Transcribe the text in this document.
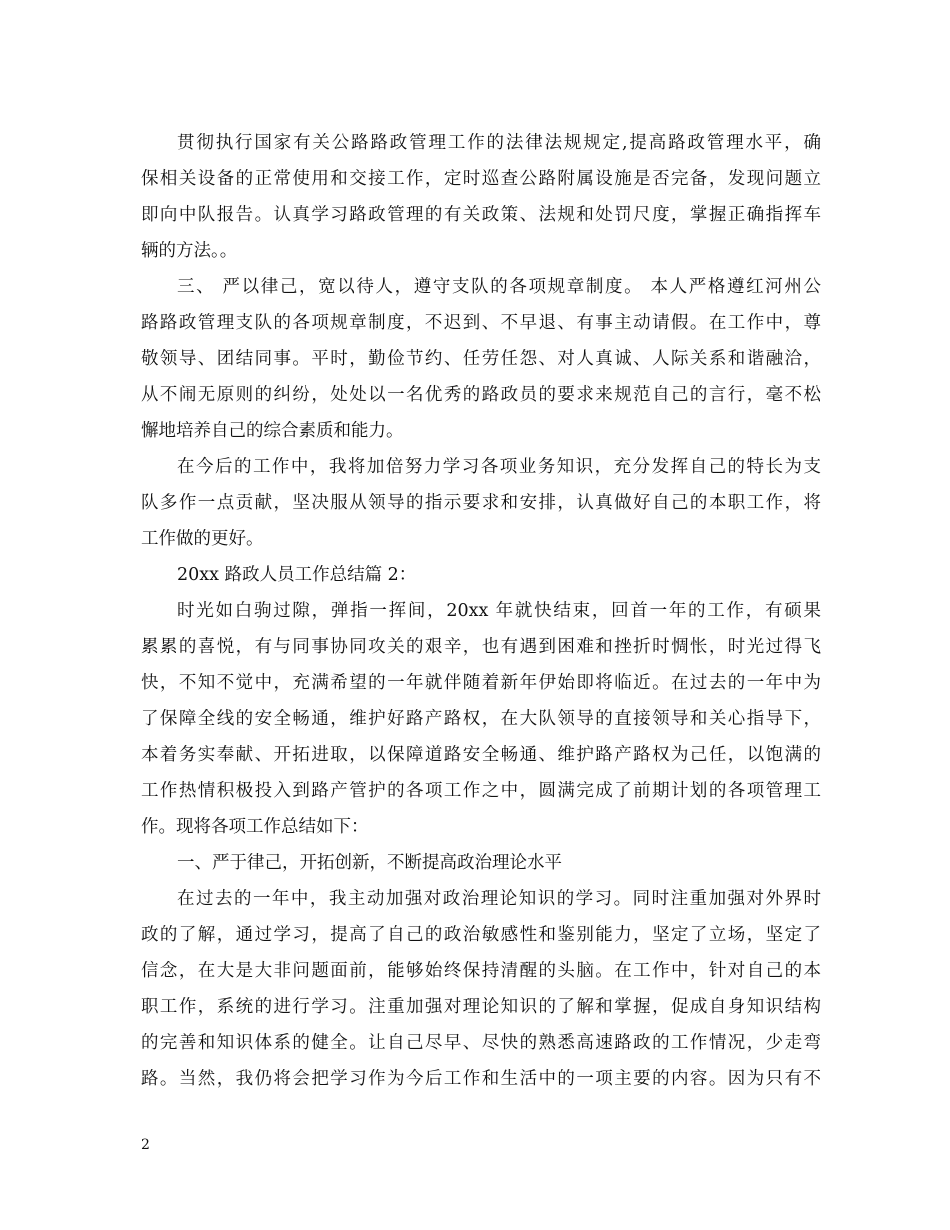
贯彻执行国家有关公路路政管理工作的法律法规规定,提高路政管理水平，确
保相关设备的正常使用和交接工作，定时巡查公路附属设施是否完备，发现问题立
即向中队报告。认真学习路政管理的有关政策、法规和处罚尺度，掌握正确指挥车
辆的方法。。
三、 严以律己，宽以待人，遵守支队的各项规章制度。 本人严格遵红河州公
路路政管理支队的各项规章制度，不迟到、不早退、有事主动请假。在工作中，尊
敬领导、团结同事。平时，勤俭节约、任劳任怨、对人真诚、人际关系和谐融洽，
从不闹无原则的纠纷，处处以一名优秀的路政员的要求来规范自己的言行，毫不松
懈地培养自己的综合素质和能力。
在今后的工作中，我将加倍努力学习各项业务知识，充分发挥自己的特长为支
队多作一点贡献，坚决服从领导的指示要求和安排，认真做好自己的本职工作，将
工作做的更好。
20xx 路政人员工作总结篇 2：
时光如白驹过隙，弹指一挥间，20xx 年就快结束，回首一年的工作，有硕果
累累的喜悦，有与同事协同攻关的艰辛，也有遇到困难和挫折时惆怅，时光过得飞
快，不知不觉中，充满希望的一年就伴随着新年伊始即将临近。在过去的一年中为
了保障全线的安全畅通，维护好路产路权，在大队领导的直接领导和关心指导下，
本着务实奉献、开拓进取，以保障道路安全畅通、维护路产路权为己任，以饱满的
工作热情积极投入到路产管护的各项工作之中，圆满完成了前期计划的各项管理工
作。现将各项工作总结如下：
一、严于律己，开拓创新，不断提高政治理论水平
在过去的一年中，我主动加强对政治理论知识的学习。同时注重加强对外界时
政的了解，通过学习，提高了自己的政治敏感性和鉴别能力，坚定了立场，坚定了
信念，在大是大非问题面前，能够始终保持清醒的头脑。在工作中，针对自己的本
职工作，系统的进行学习。注重加强对理论知识的了解和掌握，促成自身知识结构
的完善和知识体系的健全。让自己尽早、尽快的熟悉高速路政的工作情况，少走弯
路。当然，我仍将会把学习作为今后工作和生活中的一项主要的内容。因为只有不
2
